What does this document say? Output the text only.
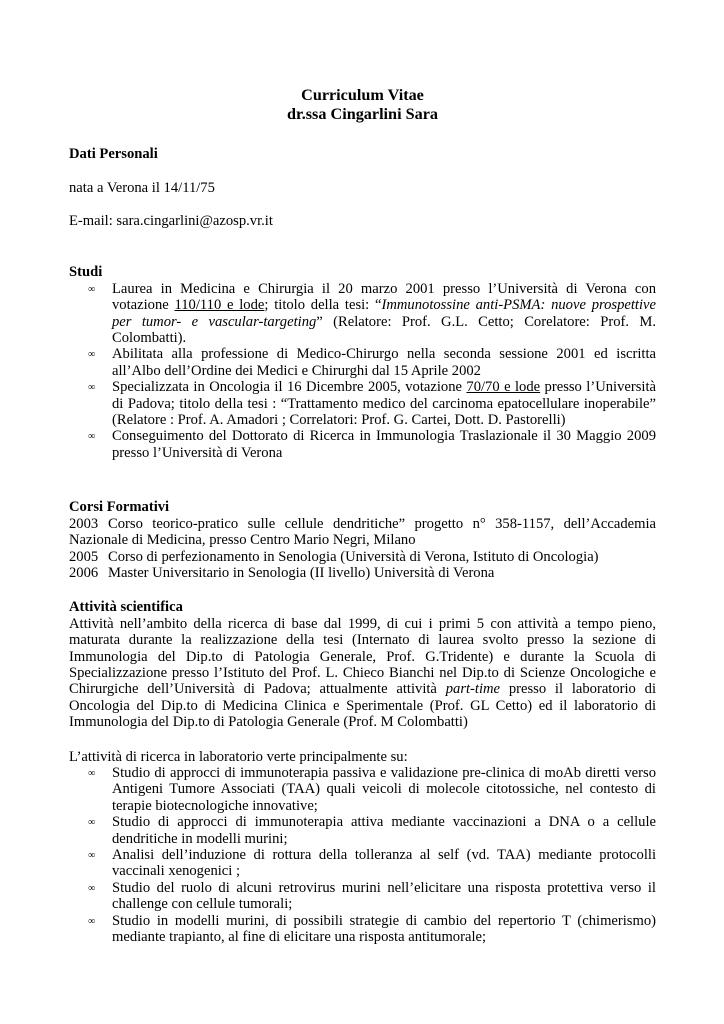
Curriculum Vitae
dr.ssa Cingarlini Sara
Dati Personali

nata a Verona il 14/11/75

E-mail: sara.cingarlini@azosp.vr.it

Studi
∞ Laurea in Medicina e Chirurgia il 20 marzo 2001 presso l’Università di Verona con votazione 110/110 e lode; titolo della tesi: “Immunotossine anti-PSMA: nuove prospettive per tumor- e vascular-targeting” (Relatore: Prof. G.L. Cetto; Corelatore: Prof. M. Colombatti).
∞ Abilitata alla professione di Medico-Chirurgo nella seconda sessione 2001 ed iscritta all’Albo dell’Ordine dei Medici e Chirurghi dal 15 Aprile 2002
∞ Specializzata in Oncologia il 16 Dicembre 2005, votazione 70/70 e lode presso l’Università di Padova; titolo della tesi : “Trattamento medico del carcinoma epatocellulare inoperabile” (Relatore : Prof. A. Amadori ; Correlatori: Prof. G. Cartei, Dott. D. Pastorelli)
∞ Conseguimento del Dottorato di Ricerca in Immunologia Traslazionale il 30 Maggio 2009 presso l’Università di Verona
Corsi Formativi

2003 Corso teorico-pratico sulle cellule dendritiche” progetto n° 358-1157, dell’Accademia Nazionale di Medicina, presso Centro Mario Negri, Milano

2005 Corso di perfezionamento in Senologia (Università di Verona, Istituto di Oncologia)

2006 Master Universitario in Senologia (II livello) Università di Verona

Attività scientifica

Attività nell’ambito della ricerca di base dal 1999, di cui i primi 5 con attività a tempo pieno, maturata durante la realizzazione della tesi (Internato di laurea svolto presso la sezione di Immunologia del Dip.to di Patologia Generale, Prof. G.Tridente) e durante la Scuola di Specializzazione presso l’Istituto del Prof. L. Chieco Bianchi nel Dip.to di Scienze Oncologiche e Chirurgiche dell’Università di Padova; attualmente attività part-time presso il laboratorio di Oncologia del Dip.to di Medicina Clinica e Sperimentale (Prof. GL Cetto) ed il laboratorio di Immunologia del Dip.to di Patologia Generale (Prof. M Colombatti)

L’attività di ricerca in laboratorio verte principalmente su:

∞ Studio di approcci di immunoterapia passiva e validazione pre-clinica di moAb diretti verso Antigeni Tumore Associati (TAA) quali veicoli di molecole citotossiche, nel contesto di terapie biotecnologiche innovative;
∞ Studio di approcci di immunoterapia attiva mediante vaccinazioni a DNA o a cellule dendritiche in modelli murini;
∞ Analisi dell’induzione di rottura della tolleranza al self (vd. TAA) mediante protocolli vaccinali xenogenici ;
∞ Studio del ruolo di alcuni retrovirus murini nell’elicitare una risposta protettiva verso il challenge con cellule tumorali;
∞ Studio in modelli murini, di possibili strategie di cambio del repertorio T (chimerismo) mediante trapianto, al fine di elicitare una risposta antitumorale;
